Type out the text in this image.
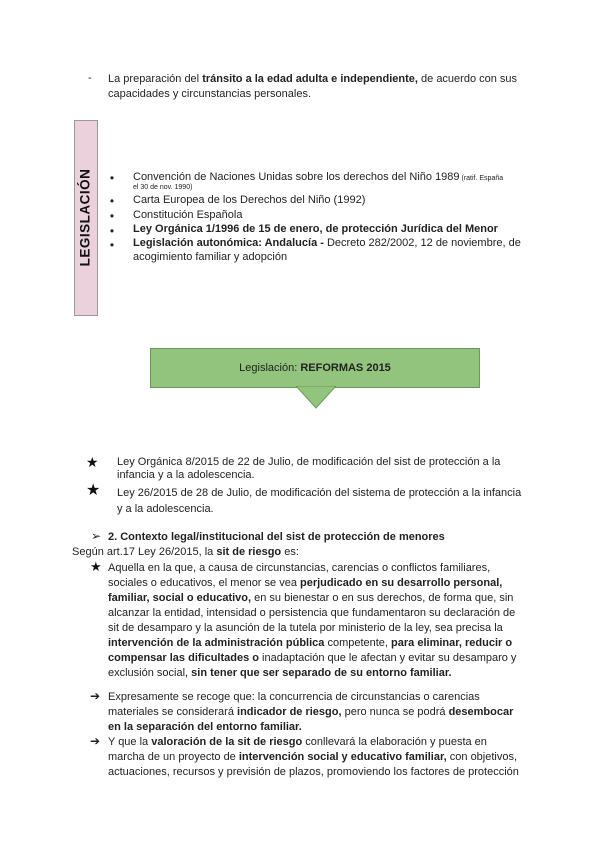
- La preparación del tránsito a la edad adulta e independiente, de acuerdo con sus
capacidades y circunstancias personales.
LEGISLACIÓN • Convención de Naciones Unidas sobre los derechos del Niño 1989 (ratif. España
el 30 de nov. 1990)
• Carta Europea de los Derechos del Niño (1992)
• Constitución Española
• Ley Orgánica 1/1996 de 15 de enero, de protección Jurídica del Menor
• Legislación autonómica: Andalucía - Decreto 282/2002, 12 de noviembre, de
acogimiento familiar y adopción
Legislación: REFORMAS 2015
★ Ley Orgánica 8/2015 de 22 de Julio, de modificación del sist de protección a la
infancia y a la adolescencia.
★ Ley 26/2015 de 28 de Julio, de modificación del sistema de protección a la infancia
y a la adolescencia.
➢ 2. Contexto legal/institucional del sist de protección de menores
Según art.17 Ley 26/2015, la sit de riesgo es:
★ Aquella en la que, a causa de circunstancias, carencias o conflictos familiares,
sociales o educativos, el menor se vea perjudicado en su desarrollo personal,
familiar, social o educativo, en su bienestar o en sus derechos, de forma que, sin
alcanzar la entidad, intensidad o persistencia que fundamentaron su declaración de
sit de desamparo y la asunción de la tutela por ministerio de la ley, sea precisa la
intervención de la administración pública competente, para eliminar, reducir o
compensar las dificultades o inadaptación que le afectan y evitar su desamparo y
exclusión social, sin tener que ser separado de su entorno familiar.
➔ Expresamente se recoge que: la concurrencia de circunstancias o carencias
materiales se considerará indicador de riesgo, pero nunca se podrá desembocar
en la separación del entorno familiar.
➔ Y que la valoración de la sit de riesgo conllevará la elaboración y puesta en
marcha de un proyecto de intervención social y educativo familiar, con objetivos,
actuaciones, recursos y previsión de plazos, promoviendo los factores de protección
